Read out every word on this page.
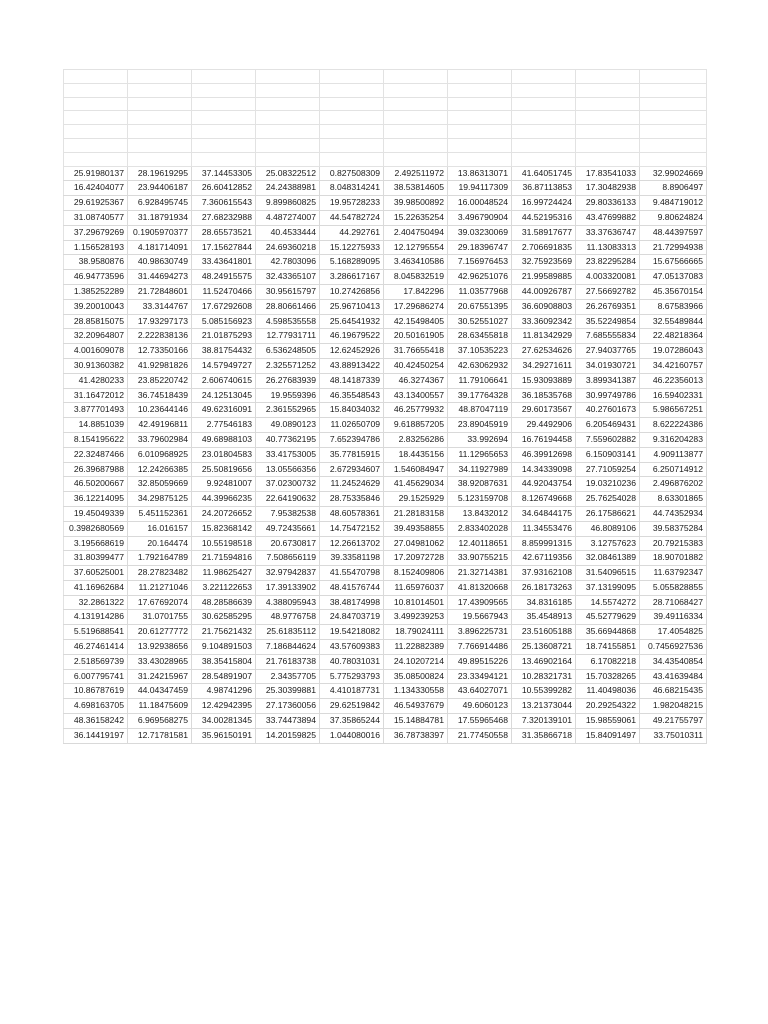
25.91980137	28.19619295	37.14453305	25.08322512	0.827508309	2.492511972	13.86313071	41.64051745	17.83541033	32.99024669
16.42404077	23.94406187	26.60412852	24.24388981	8.048314241	38.53814605	19.94117309	36.87113853	17.30482938	8.8906497
29.61925367	6.928495745	7.360615543	9.899860825	19.95728233	39.98500892	16.00048524	16.99724424	29.80336133	9.484719012
31.08740577	31.18791934	27.68232988	4.487274007	44.54782724	15.22635254	3.496790904	44.52195316	43.47699882	9.80624824
37.29679269	0.1905970377	28.65573521	40.4533444	44.292761	2.404750494	39.03230069	31.58917677	33.37636747	48.44397597
1.156528193	4.181714091	17.15627844	24.69360218	15.12275933	12.12795554	29.18396747	2.706691835	11.13083313	21.72994938
38.9580876	40.98630749	33.43641801	42.7803096	5.168289095	3.463410586	7.156976453	32.75923569	23.82295284	15.67566665
46.94773596	31.44694273	48.24915575	32.43365107	3.286617167	8.045832519	42.96251076	21.99589885	4.003320081	47.05137083
1.385252289	21.72848601	11.52470466	30.95615797	10.27426856	17.842296	11.03577968	44.00926787	27.56692782	45.35670154
39.20010043	33.3144767	17.67292608	28.80661466	25.96710413	17.29686274	20.67551395	36.60908803	26.26769351	8.67583966
28.85815075	17.93297173	5.085156923	4.598535558	25.64541932	42.15498405	30.52551027	33.36092342	35.52249854	32.55489844
32.20964807	2.222838136	21.01875293	12.77931711	46.19679522	20.50161905	28.63455818	11.81342929	7.685555834	22.48218364
4.001609078	12.73350166	38.81754432	6.536248505	12.62452926	31.76655418	37.10535223	27.62534626	27.94037765	19.07286043
30.91360382	41.92981826	14.57949727	2.325571252	43.88913422	40.42450254	42.63062932	34.29271611	34.01930721	34.42160757
41.4280233	23.85220742	2.606740615	26.27683939	48.14187339	46.3274367	11.79106641	15.93093889	3.899341387	46.22356013
31.16472012	36.74518439	24.12513045	19.9559396	46.35548543	43.13400557	39.17764328	36.18535768	30.99749786	16.59402331
3.877701493	10.23644146	49.62316091	2.361552965	15.84034032	46.25779932	48.87047119	29.60173567	40.27601673	5.986567251
14.8851039	42.49196811	2.77546183	49.0890123	11.02650709	9.618857205	23.89045919	29.4492906	6.205469431	8.622224386
8.154195622	33.79602984	49.68988103	40.77362195	7.652394786	2.83256286	33.992694	16.76194458	7.559602882	9.316204283
22.32487466	6.010968925	23.01804583	33.41753005	35.77815915	18.4435156	11.12965653	46.39912698	6.150903141	4.909113877
26.39687988	12.24266385	25.50819656	13.05566356	2.672934607	1.546084947	34.11927989	14.34339098	27.71059254	6.250714912
46.50200667	32.85059669	9.92481007	37.02300732	11.24524629	41.45629034	38.92087631	44.92043754	19.03210236	2.496876202
36.12214095	34.29875125	44.39966235	22.64190632	28.75335846	29.1525929	5.123159708	8.126749668	25.76254028	8.63301865
19.45049339	5.451152361	24.20726652	7.95382538	48.60578361	21.28183158	13.8432012	34.64844175	26.17586621	44.74352934
0.3982680569	16.016157	15.82368142	49.72435661	14.75472152	39.49358855	2.833402028	11.34553476	46.8089106	39.58375284
3.195668619	20.164474	10.55198518	20.6730817	12.26613702	27.04981062	12.40118651	8.859991315	3.12757623	20.79215383
31.80399477	1.792164789	21.71594816	7.508656119	39.33581198	17.20972728	33.90755215	42.67119356	32.08461389	18.90701882
37.60525001	28.27823482	11.98625427	32.97942837	41.55470798	8.152409806	21.32714381	37.93162108	31.54096515	11.63792347
41.16962684	11.21271046	3.221122653	17.39133902	48.41576744	11.65976037	41.81320668	26.18173263	37.13199095	5.055828855
32.2861322	17.67692074	48.28586639	4.388095943	38.48174998	10.81014501	17.43909565	34.8316185	14.5574272	28.71068427
4.131914286	31.0701755	30.62585295	48.9776758	24.84703719	3.499239253	19.5667943	35.4548913	45.52779629	39.49116334
5.519688541	20.61277772	21.75621432	25.61835112	19.54218082	18.79024111	3.896225731	23.51605188	35.66944868	17.4054825
46.27461414	13.92938656	9.104891503	7.186844624	43.57609383	11.22882389	7.766914486	25.13608721	18.74155851	0.7456927536
2.518569739	33.43028965	38.35415804	21.76183738	40.78031031	24.10207214	49.89515226	13.46902164	6.17082218	34.43540854
6.007795741	31.24215967	28.54891907	2.34357705	5.775293793	35.08500824	23.33494121	10.28321731	15.70328265	43.41639484
10.86787619	44.04347459	4.98741296	25.30399881	4.410187731	1.134330558	43.64027071	10.55399282	11.40498036	46.68215435
4.698163705	11.18475609	12.42942395	27.17360056	29.62519842	46.54937679	49.6060123	13.21373044	20.29254322	1.982048215
48.36158242	6.969568275	34.00281345	33.74473894	37.35865244	15.14884781	17.55965468	7.320139101	15.98559061	49.21755797
36.14419197	12.71781581	35.96150191	14.20159825	1.044080016	36.78738397	21.77450558	31.35866718	15.84091497	33.75010311
